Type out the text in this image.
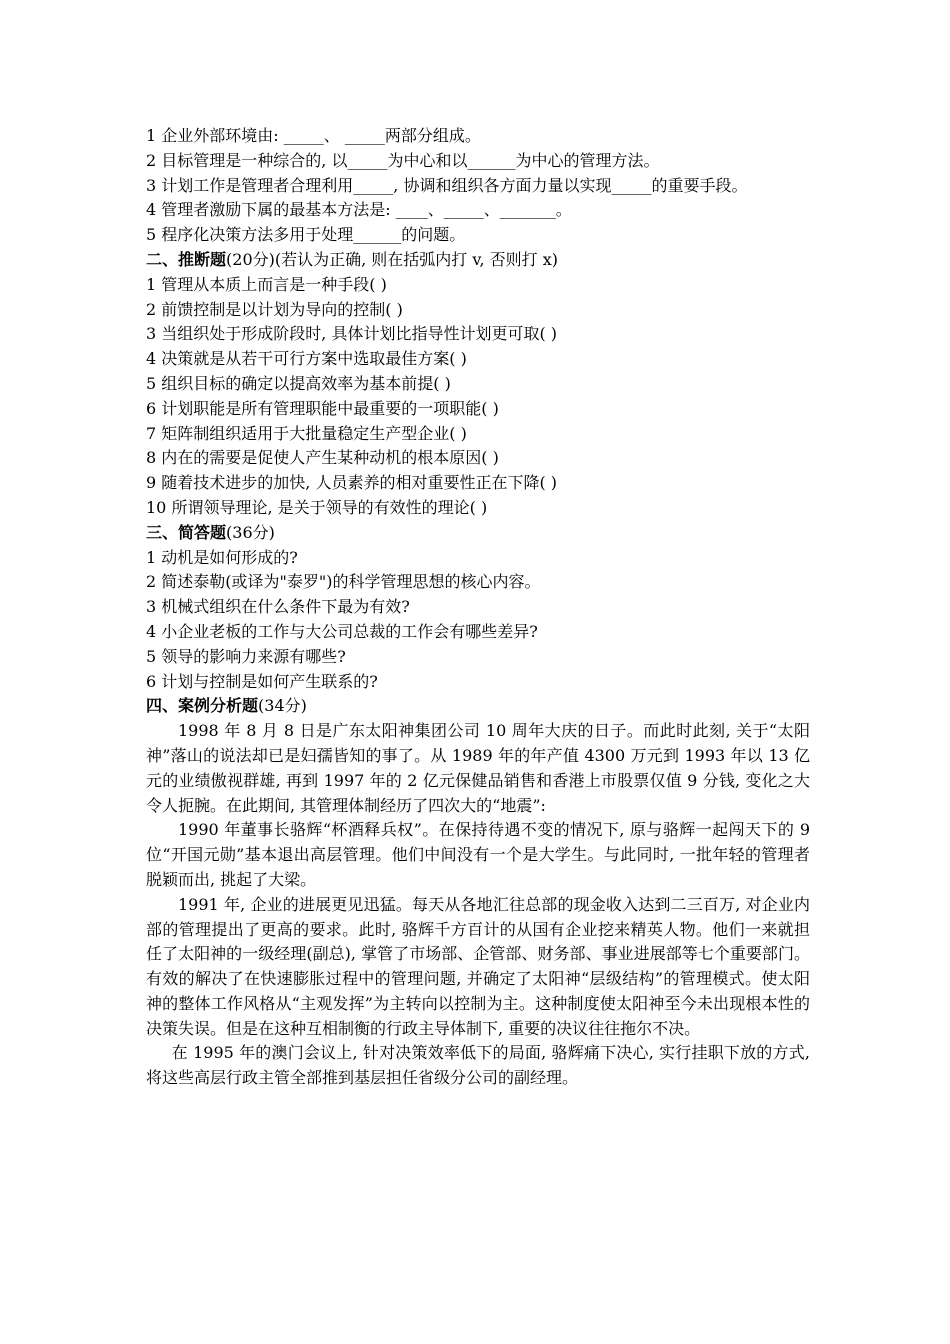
1 企业外部环境由: _____、 _____两部分组成。
2 目标管理是一种综合的, 以_____为中心和以______为中心的管理方法。
3 计划工作是管理者合理利用_____, 协调和组织各方面力量以实现_____的重要手段。
4 管理者激励下属的最基本方法是: ____、_____、_______。
5 程序化决策方法多用于处理______的问题。
二、推断题(20分)(若认为正确, 则在括弧内打 v, 否则打 x)
1 管理从本质上而言是一种手段( )
2 前馈控制是以计划为导向的控制( )
3 当组织处于形成阶段时, 具体计划比指导性计划更可取( )
4 决策就是从若干可行方案中选取最佳方案( )
5 组织目标的确定以提高效率为基本前提( )
6 计划职能是所有管理职能中最重要的一项职能( )
7 矩阵制组织适用于大批量稳定生产型企业( )
8 内在的需要是促使人产生某种动机的根本原因( )
9 随着技术进步的加快, 人员素养的相对重要性正在下降( )
10 所谓领导理论, 是关于领导的有效性的理论( )
三、简答题(36分)
1 动机是如何形成的?
2 简述泰勒(或译为"泰罗")的科学管理思想的核心内容。
3 机械式组织在什么条件下最为有效?
4 小企业老板的工作与大公司总裁的工作会有哪些差异?
5 领导的影响力来源有哪些?
6 计划与控制是如何产生联系的?
四、案例分析题(34分)
1998 年 8 月 8 日是广东太阳神集团公司 10 周年大庆的日子。而此时此刻, 关于“太阳神”落山的说法却已是妇孺皆知的事了。从 1989 年的年产值 4300 万元到 1993 年以 13 亿元的业绩傲视群雄, 再到 1997 年的 2 亿元保健品销售和香港上市股票仅值 9 分钱, 变化之大令人扼腕。在此期间, 其管理体制经历了四次大的“地震”:
1990 年董事长骆辉“杯酒释兵权”。在保持待遇不变的情况下, 原与骆辉一起闯天下的 9 位“开国元勋”基本退出高层管理。他们中间没有一个是大学生。与此同时, 一批年轻的管理者脱颖而出, 挑起了大梁。
1991 年, 企业的进展更见迅猛。每天从各地汇往总部的现金收入达到二三百万, 对企业内部的管理提出了更高的要求。此时, 骆辉千方百计的从国有企业挖来精英人物。他们一来就担任了太阳神的一级经理(副总), 掌管了市场部、企管部、财务部、事业进展部等七个重要部门。有效的解决了在快速膨胀过程中的管理问题, 并确定了太阳神“层级结构”的管理模式。使太阳神的整体工作风格从“主观发挥”为主转向以控制为主。这种制度使太阳神至今未出现根本性的决策失误。但是在这种互相制衡的行政主导体制下, 重要的决议往往拖尔不决。
在 1995 年的澳门会议上, 针对决策效率低下的局面, 骆辉痛下决心, 实行挂职下放的方式, 将这些高层行政主管全部推到基层担任省级分公司的副经理。
